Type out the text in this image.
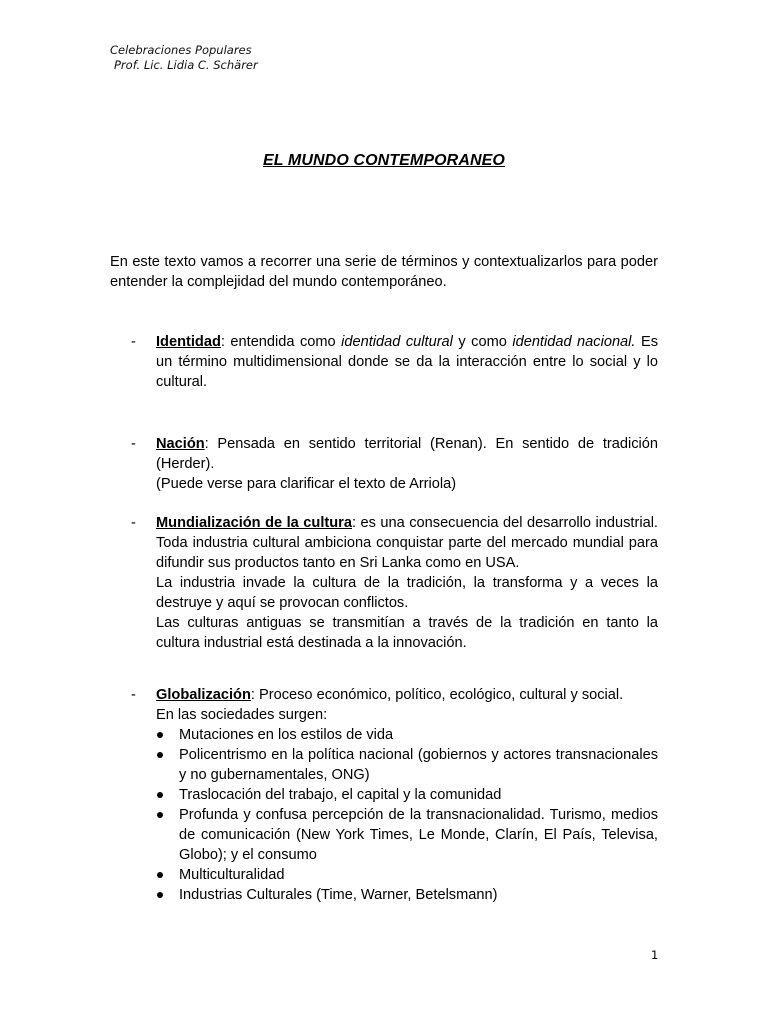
Celebraciones Populares
Prof. Lic. Lidia C. Schärer
EL MUNDO CONTEMPORANEO
En este texto vamos a recorrer una serie de términos y contextualizarlos para poder entender la complejidad del mundo contemporáneo.
- Identidad: entendida como identidad cultural y como identidad nacional. Es un término multidimensional donde se da la interacción entre lo social y lo cultural.
- Nación: Pensada en sentido territorial (Renan). En sentido de tradición (Herder).

(Puede verse para clarificar el texto de Arriola)

- Mundialización de la cultura: es una consecuencia del desarrollo industrial. Toda industria cultural ambiciona conquistar parte del mercado mundial para difundir sus productos tanto en Sri Lanka como en USA.

La industria invade la cultura de la tradición, la transforma y a veces la destruye y aquí se provocan conflictos.

Las culturas antiguas se transmitían a través de la tradición en tanto la cultura industrial está destinada a la innovación.

- Globalización: Proceso económico, político, ecológico, cultural y social.

En las sociedades surgen:

Mutaciones en los estilos de vida
Policentrismo en la política nacional (gobiernos y actores transnacionales y no gubernamentales, ONG)
Traslocación del trabajo, el capital y la comunidad
Profunda y confusa percepción de la transnacionalidad. Turismo, medios de comunicación (New York Times, Le Monde, Clarín, El País, Televisa, Globo); y el consumo
Multiculturalidad
Industrias Culturales (Time, Warner, Betelsmann)
1
